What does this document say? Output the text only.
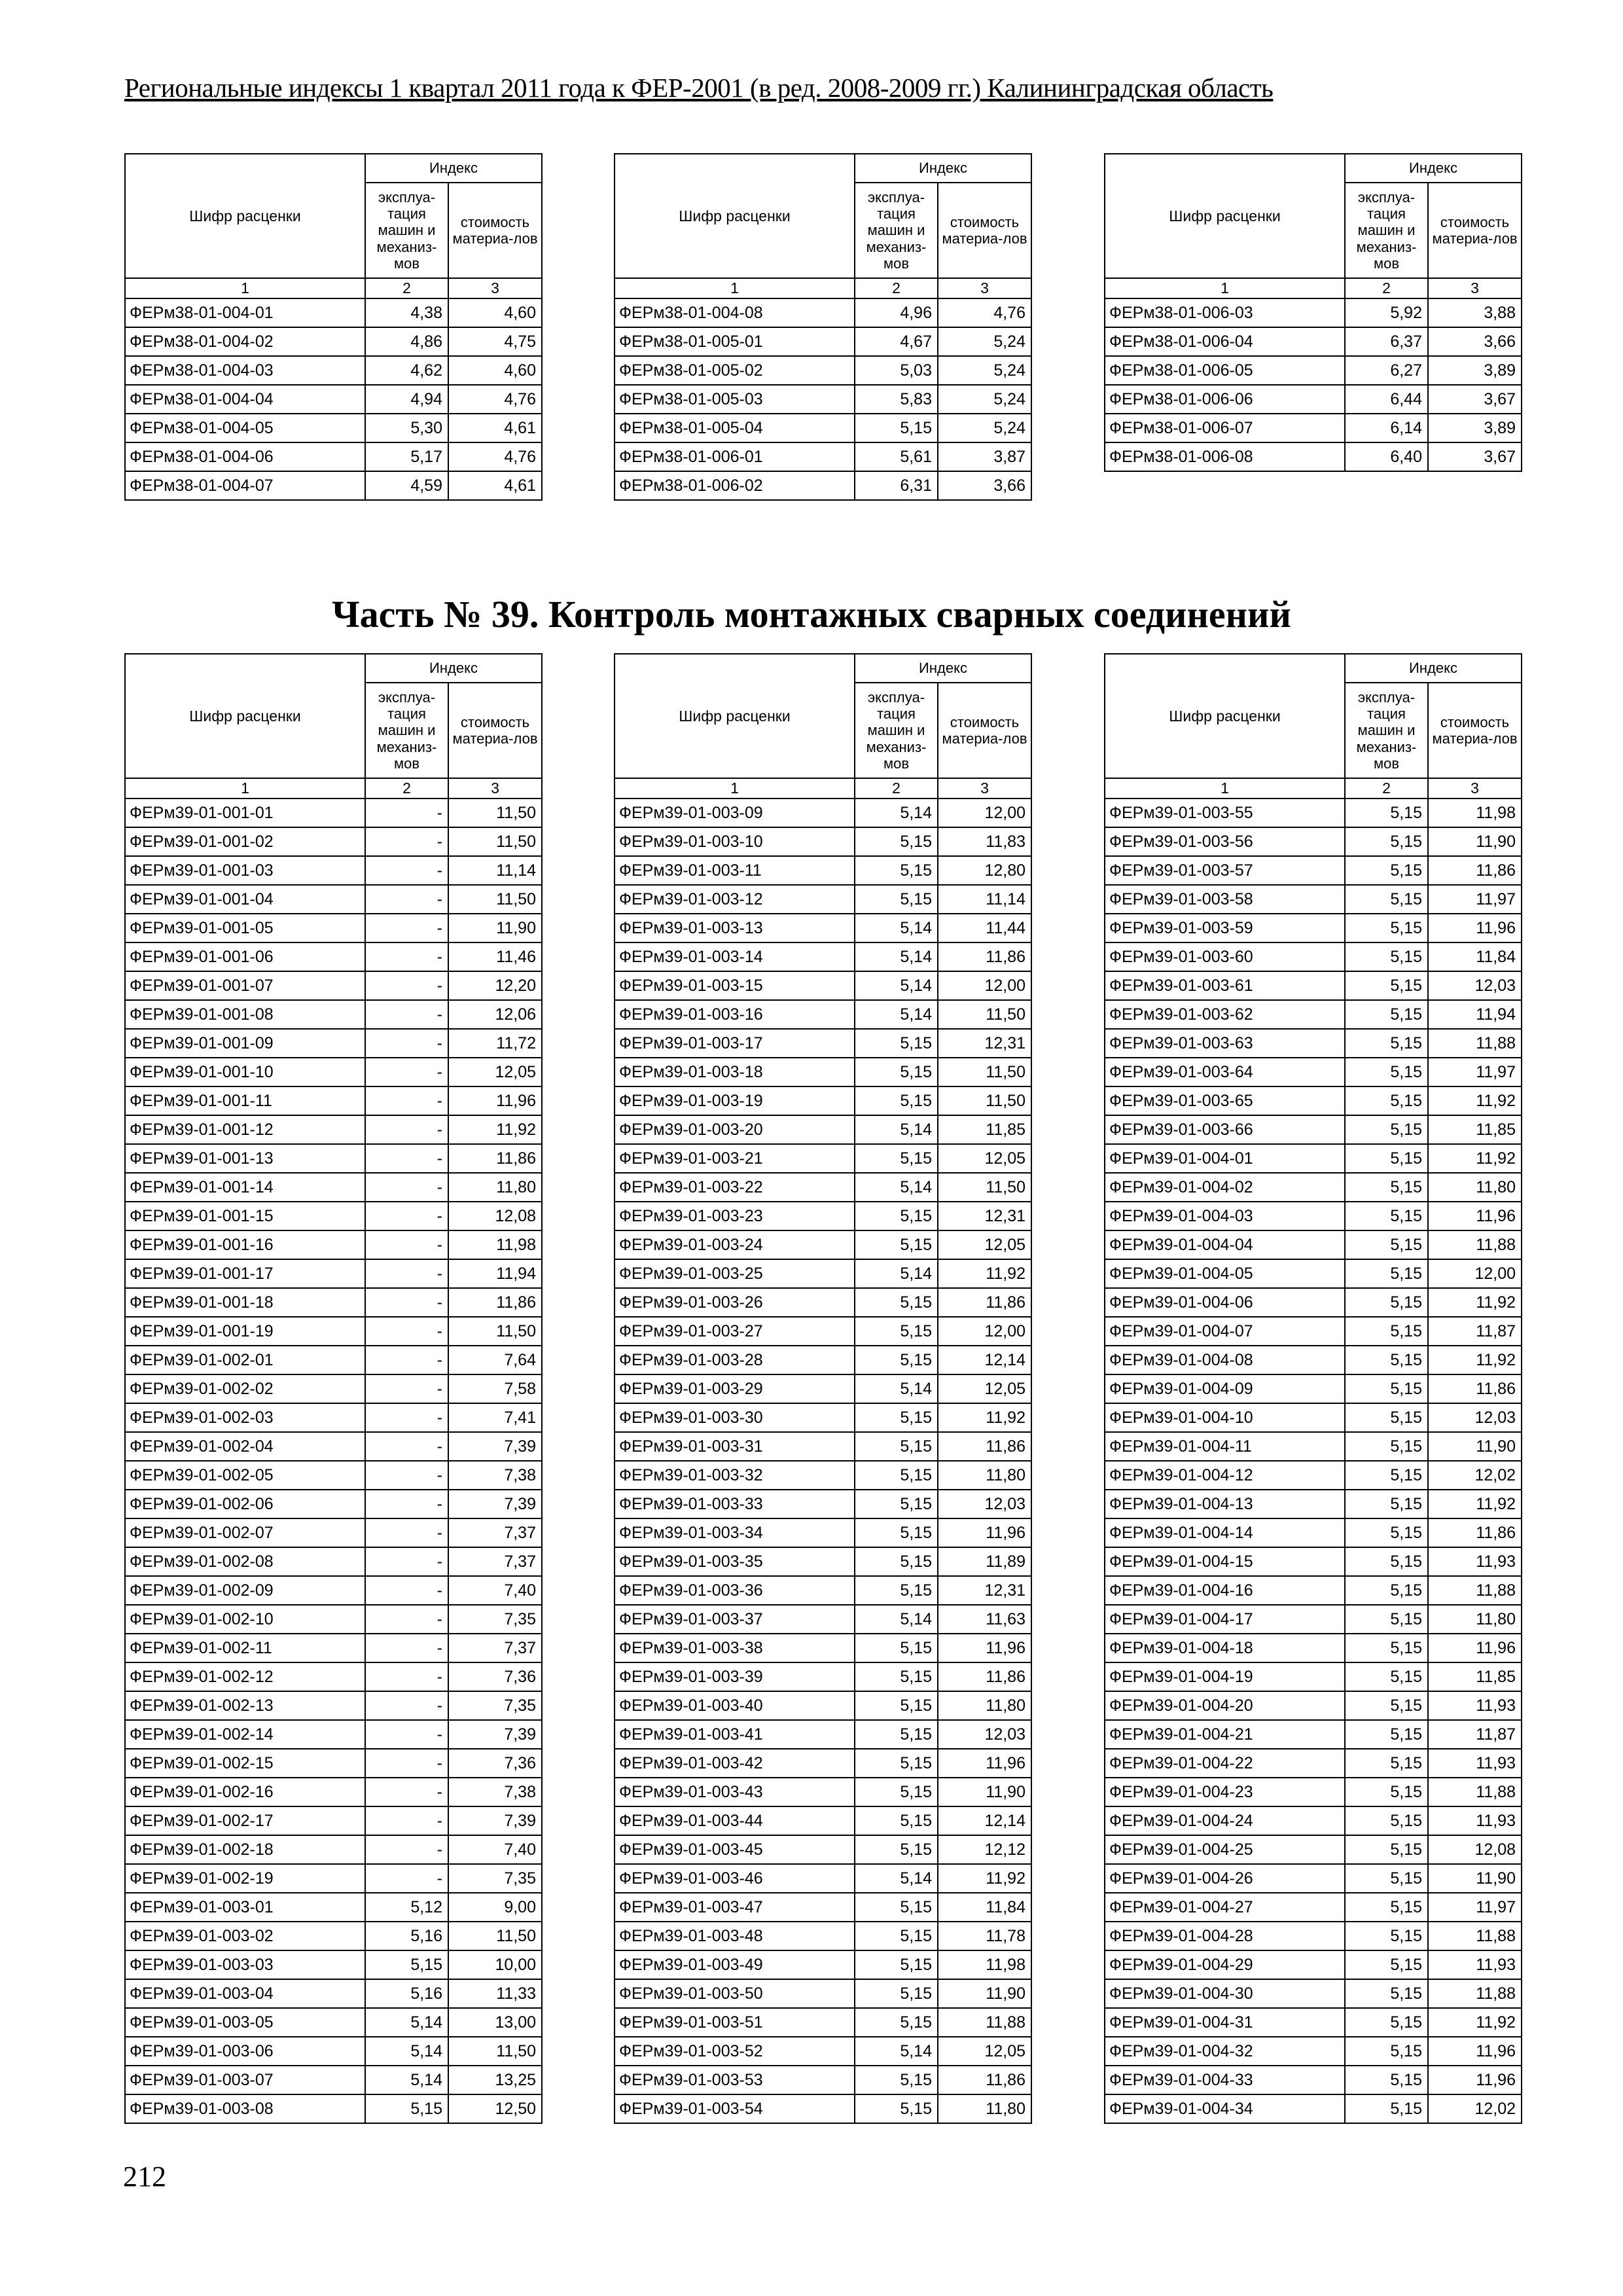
Региональные индексы 1 квартал 2011 года к ФЕР-2001 (в ред. 2008-2009 гг.) Калининградская область
Шифр расценки	Индекс	
	эксплуа-тация машин и механиз-мов	стоимость материа-лов
1	2	3
ФЕРм38-01-004-01	4,38	4,60
ФЕРм38-01-004-02	4,86	4,75
ФЕРм38-01-004-03	4,62	4,60
ФЕРм38-01-004-04	4,94	4,76
ФЕРм38-01-004-05	5,30	4,61
ФЕРм38-01-004-06	5,17	4,76
ФЕРм38-01-004-07	4,59	4,61
Шифр расценки	Индекс	
	эксплуа-тация машин и механиз-мов	стоимость материа-лов
1	2	3
ФЕРм38-01-004-08	4,96	4,76
ФЕРм38-01-005-01	4,67	5,24
ФЕРм38-01-005-02	5,03	5,24
ФЕРм38-01-005-03	5,83	5,24
ФЕРм38-01-005-04	5,15	5,24
ФЕРм38-01-006-01	5,61	3,87
ФЕРм38-01-006-02	6,31	3,66
Шифр расценки	Индекс	
	эксплуа-тация машин и механиз-мов	стоимость материа-лов
1	2	3
ФЕРм38-01-006-03	5,92	3,88
ФЕРм38-01-006-04	6,37	3,66
ФЕРм38-01-006-05	6,27	3,89
ФЕРм38-01-006-06	6,44	3,67
ФЕРм38-01-006-07	6,14	3,89
ФЕРм38-01-006-08	6,40	3,67
Часть № 39. Контроль монтажных сварных соединений
Шифр расценки	Индекс	
	эксплуа-тация машин и механиз-мов	стоимость материа-лов
1	2	3
ФЕРм39-01-001-01	-	11,50
ФЕРм39-01-001-02	-	11,50
ФЕРм39-01-001-03	-	11,14
ФЕРм39-01-001-04	-	11,50
ФЕРм39-01-001-05	-	11,90
ФЕРм39-01-001-06	-	11,46
ФЕРм39-01-001-07	-	12,20
ФЕРм39-01-001-08	-	12,06
ФЕРм39-01-001-09	-	11,72
ФЕРм39-01-001-10	-	12,05
ФЕРм39-01-001-11	-	11,96
ФЕРм39-01-001-12	-	11,92
ФЕРм39-01-001-13	-	11,86
ФЕРм39-01-001-14	-	11,80
ФЕРм39-01-001-15	-	12,08
ФЕРм39-01-001-16	-	11,98
ФЕРм39-01-001-17	-	11,94
ФЕРм39-01-001-18	-	11,86
ФЕРм39-01-001-19	-	11,50
ФЕРм39-01-002-01	-	7,64
ФЕРм39-01-002-02	-	7,58
ФЕРм39-01-002-03	-	7,41
ФЕРм39-01-002-04	-	7,39
ФЕРм39-01-002-05	-	7,38
ФЕРм39-01-002-06	-	7,39
ФЕРм39-01-002-07	-	7,37
ФЕРм39-01-002-08	-	7,37
ФЕРм39-01-002-09	-	7,40
ФЕРм39-01-002-10	-	7,35
ФЕРм39-01-002-11	-	7,37
ФЕРм39-01-002-12	-	7,36
ФЕРм39-01-002-13	-	7,35
ФЕРм39-01-002-14	-	7,39
ФЕРм39-01-002-15	-	7,36
ФЕРм39-01-002-16	-	7,38
ФЕРм39-01-002-17	-	7,39
ФЕРм39-01-002-18	-	7,40
ФЕРм39-01-002-19	-	7,35
ФЕРм39-01-003-01	5,12	9,00
ФЕРм39-01-003-02	5,16	11,50
ФЕРм39-01-003-03	5,15	10,00
ФЕРм39-01-003-04	5,16	11,33
ФЕРм39-01-003-05	5,14	13,00
ФЕРм39-01-003-06	5,14	11,50
ФЕРм39-01-003-07	5,14	13,25
ФЕРм39-01-003-08	5,15	12,50
Шифр расценки	Индекс	
	эксплуа-тация машин и механиз-мов	стоимость материа-лов
1	2	3
ФЕРм39-01-003-09	5,14	12,00
ФЕРм39-01-003-10	5,15	11,83
ФЕРм39-01-003-11	5,15	12,80
ФЕРм39-01-003-12	5,15	11,14
ФЕРм39-01-003-13	5,14	11,44
ФЕРм39-01-003-14	5,14	11,86
ФЕРм39-01-003-15	5,14	12,00
ФЕРм39-01-003-16	5,14	11,50
ФЕРм39-01-003-17	5,15	12,31
ФЕРм39-01-003-18	5,15	11,50
ФЕРм39-01-003-19	5,15	11,50
ФЕРм39-01-003-20	5,14	11,85
ФЕРм39-01-003-21	5,15	12,05
ФЕРм39-01-003-22	5,14	11,50
ФЕРм39-01-003-23	5,15	12,31
ФЕРм39-01-003-24	5,15	12,05
ФЕРм39-01-003-25	5,14	11,92
ФЕРм39-01-003-26	5,15	11,86
ФЕРм39-01-003-27	5,15	12,00
ФЕРм39-01-003-28	5,15	12,14
ФЕРм39-01-003-29	5,14	12,05
ФЕРм39-01-003-30	5,15	11,92
ФЕРм39-01-003-31	5,15	11,86
ФЕРм39-01-003-32	5,15	11,80
ФЕРм39-01-003-33	5,15	12,03
ФЕРм39-01-003-34	5,15	11,96
ФЕРм39-01-003-35	5,15	11,89
ФЕРм39-01-003-36	5,15	12,31
ФЕРм39-01-003-37	5,14	11,63
ФЕРм39-01-003-38	5,15	11,96
ФЕРм39-01-003-39	5,15	11,86
ФЕРм39-01-003-40	5,15	11,80
ФЕРм39-01-003-41	5,15	12,03
ФЕРм39-01-003-42	5,15	11,96
ФЕРм39-01-003-43	5,15	11,90
ФЕРм39-01-003-44	5,15	12,14
ФЕРм39-01-003-45	5,15	12,12
ФЕРм39-01-003-46	5,14	11,92
ФЕРм39-01-003-47	5,15	11,84
ФЕРм39-01-003-48	5,15	11,78
ФЕРм39-01-003-49	5,15	11,98
ФЕРм39-01-003-50	5,15	11,90
ФЕРм39-01-003-51	5,15	11,88
ФЕРм39-01-003-52	5,14	12,05
ФЕРм39-01-003-53	5,15	11,86
ФЕРм39-01-003-54	5,15	11,80
Шифр расценки	Индекс	
	эксплуа-тация машин и механиз-мов	стоимость материа-лов
1	2	3
ФЕРм39-01-003-55	5,15	11,98
ФЕРм39-01-003-56	5,15	11,90
ФЕРм39-01-003-57	5,15	11,86
ФЕРм39-01-003-58	5,15	11,97
ФЕРм39-01-003-59	5,15	11,96
ФЕРм39-01-003-60	5,15	11,84
ФЕРм39-01-003-61	5,15	12,03
ФЕРм39-01-003-62	5,15	11,94
ФЕРм39-01-003-63	5,15	11,88
ФЕРм39-01-003-64	5,15	11,97
ФЕРм39-01-003-65	5,15	11,92
ФЕРм39-01-003-66	5,15	11,85
ФЕРм39-01-004-01	5,15	11,92
ФЕРм39-01-004-02	5,15	11,80
ФЕРм39-01-004-03	5,15	11,96
ФЕРм39-01-004-04	5,15	11,88
ФЕРм39-01-004-05	5,15	12,00
ФЕРм39-01-004-06	5,15	11,92
ФЕРм39-01-004-07	5,15	11,87
ФЕРм39-01-004-08	5,15	11,92
ФЕРм39-01-004-09	5,15	11,86
ФЕРм39-01-004-10	5,15	12,03
ФЕРм39-01-004-11	5,15	11,90
ФЕРм39-01-004-12	5,15	12,02
ФЕРм39-01-004-13	5,15	11,92
ФЕРм39-01-004-14	5,15	11,86
ФЕРм39-01-004-15	5,15	11,93
ФЕРм39-01-004-16	5,15	11,88
ФЕРм39-01-004-17	5,15	11,80
ФЕРм39-01-004-18	5,15	11,96
ФЕРм39-01-004-19	5,15	11,85
ФЕРм39-01-004-20	5,15	11,93
ФЕРм39-01-004-21	5,15	11,87
ФЕРм39-01-004-22	5,15	11,93
ФЕРм39-01-004-23	5,15	11,88
ФЕРм39-01-004-24	5,15	11,93
ФЕРм39-01-004-25	5,15	12,08
ФЕРм39-01-004-26	5,15	11,90
ФЕРм39-01-004-27	5,15	11,97
ФЕРм39-01-004-28	5,15	11,88
ФЕРм39-01-004-29	5,15	11,93
ФЕРм39-01-004-30	5,15	11,88
ФЕРм39-01-004-31	5,15	11,92
ФЕРм39-01-004-32	5,15	11,96
ФЕРм39-01-004-33	5,15	11,96
ФЕРм39-01-004-34	5,15	12,02
212
